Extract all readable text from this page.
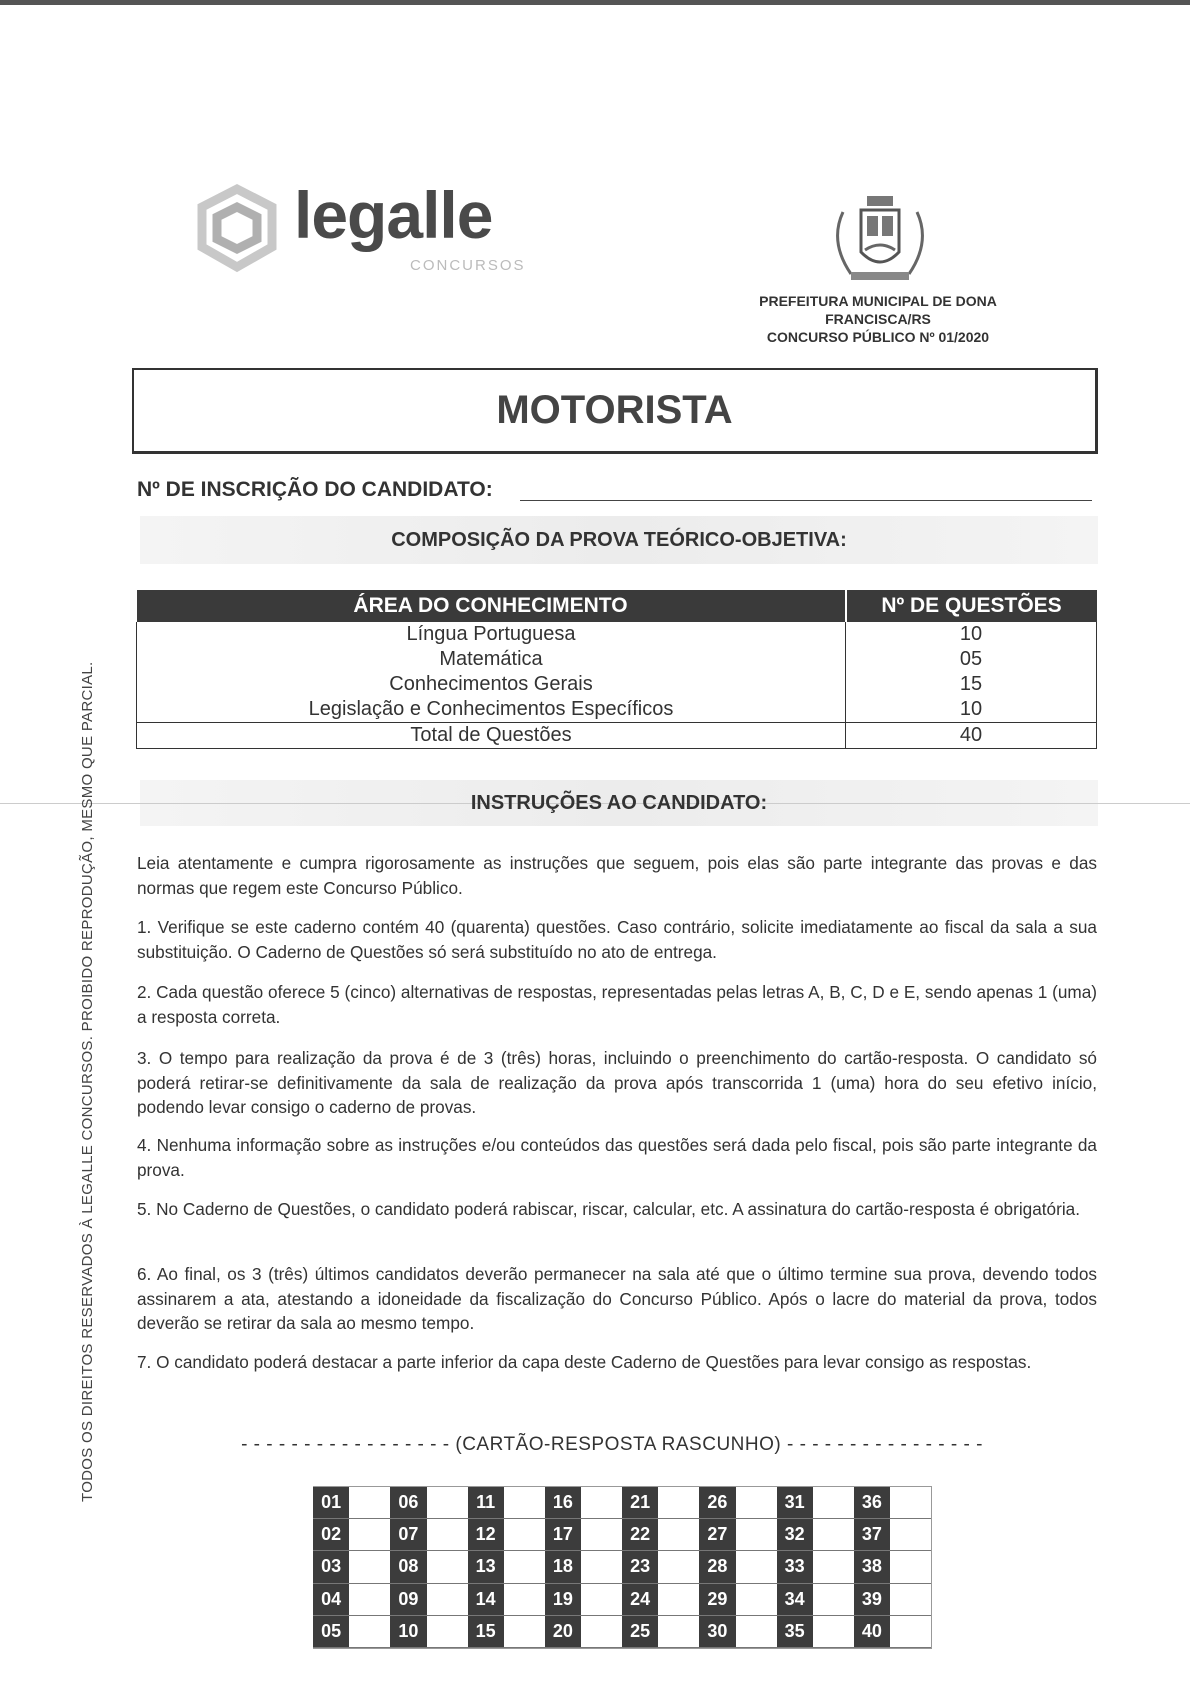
legalle
CONCURSOS
PREFEITURA MUNICIPAL DE DONA
FRANCISCA/RS
CONCURSO PÚBLICO Nº 01/2020
MOTORISTA
Nº DE INSCRIÇÃO DO CANDIDATO:
COMPOSIÇÃO DA PROVA TEÓRICO-OBJETIVA:
ÁREA DO CONHECIMENTO	Nº DE QUESTÕES
Língua Portuguesa	10
Matemática	05
Conhecimentos Gerais	15
Legislação e Conhecimentos Específicos	10
Total de Questões	40
INSTRUÇÕES AO CANDIDATO:

Leia atentamente e cumpra rigorosamente as instruções que seguem, pois elas são parte integrante das provas e das normas que regem este Concurso Público.

1. Verifique se este caderno contém 40 (quarenta) questões. Caso contrário, solicite imediatamente ao fiscal da sala a sua substituição. O Caderno de Questões só será substituído no ato de entrega.

2. Cada questão oferece 5 (cinco) alternativas de respostas, representadas pelas letras A, B, C, D e E, sendo apenas 1 (uma) a resposta correta.

3. O tempo para realização da prova é de 3 (três) horas, incluindo o preenchimento do cartão-resposta. O candidato só poderá retirar-se definitivamente da sala de realização da prova após transcorrida 1 (uma) hora do seu efetivo início, podendo levar consigo o caderno de provas.

4. Nenhuma informação sobre as instruções e/ou conteúdos das questões será dada pelo fiscal, pois são parte integrante da prova.

5. No Caderno de Questões, o candidato poderá rabiscar, riscar, calcular, etc. A assinatura do cartão-resposta é obrigatória.

6. Ao final, os 3 (três) últimos candidatos deverão permanecer na sala até que o último termine sua prova, devendo todos assinarem a ata, atestando a idoneidade da fiscalização do Concurso Público. Após o lacre do material da prova, todos deverão se retirar da sala ao mesmo tempo.

7. O candidato poderá destacar a parte inferior da capa deste Caderno de Questões para levar consigo as respostas.

- - - - - - - - - - - - - - - - - (CARTÃO-RESPOSTA RASCUNHO) - - - - - - - - - - - - - - - -
01	06	11	16	21	26	31	36
02	07	12	17	22	27	32	37
03	08	13	18	23	28	33	38
04	09	14	19	24	29	34	39
05	10	15	20	25	30	35	40
TODOS OS DIREITOS RESERVADOS À LEGALLE CONCURSOS. PROIBIDO REPRODUÇÃO, MESMO QUE PARCIAL.
